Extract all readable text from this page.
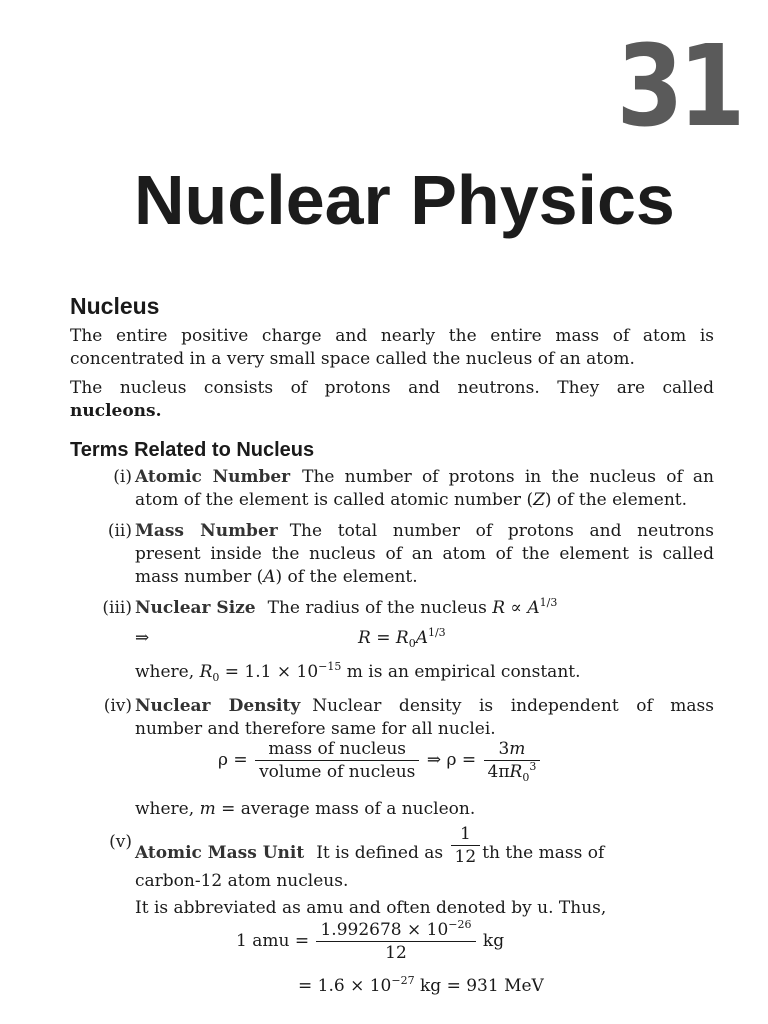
31
Nuclear Physics
Nucleus
The entire positive charge and nearly the entire mass of atom is
concentrated in a very small space called the nucleus of an atom.
The nucleus consists of protons and neutrons. They are called
nucleons.
Terms Related to Nucleus
(i) Atomic Number The number of protons in the nucleus of an
atom of the element is called atomic number (Z) of the element.
(ii) Mass Number The total number of protons and neutrons
present inside the nucleus of an atom of the element is called
mass number (A) of the element.
(iii) Nuclear Size The radius of the nucleus $R \propto A^{1/3}$
⇒	$R = R_0A^{1/3}$
where, $R_0 = 1.1 \times 10^{-15}$ m is an empirical constant.
(iv) Nuclear Density Nuclear density is independent of mass
number and therefore same for all nuclei.
$\rho = \frac{\text{mass of nucleus}}{\text{volume of nucleus}}$ ⇒ $\rho = \frac{3m}{4\pi R_0^3}$
where, m = average mass of a nucleon.
(v)
Atomic Mass Unit It is defined as $\frac{1}{12}$ th the mass of
carbon-12 atom nucleus.
It is abbreviated as amu and often denoted by u. Thus,
1 amu = $\frac{1.992678 \times 10^{-26}}{12}$ kg
= $1.6 \times 10^{-27}$ kg = 931 MeV
